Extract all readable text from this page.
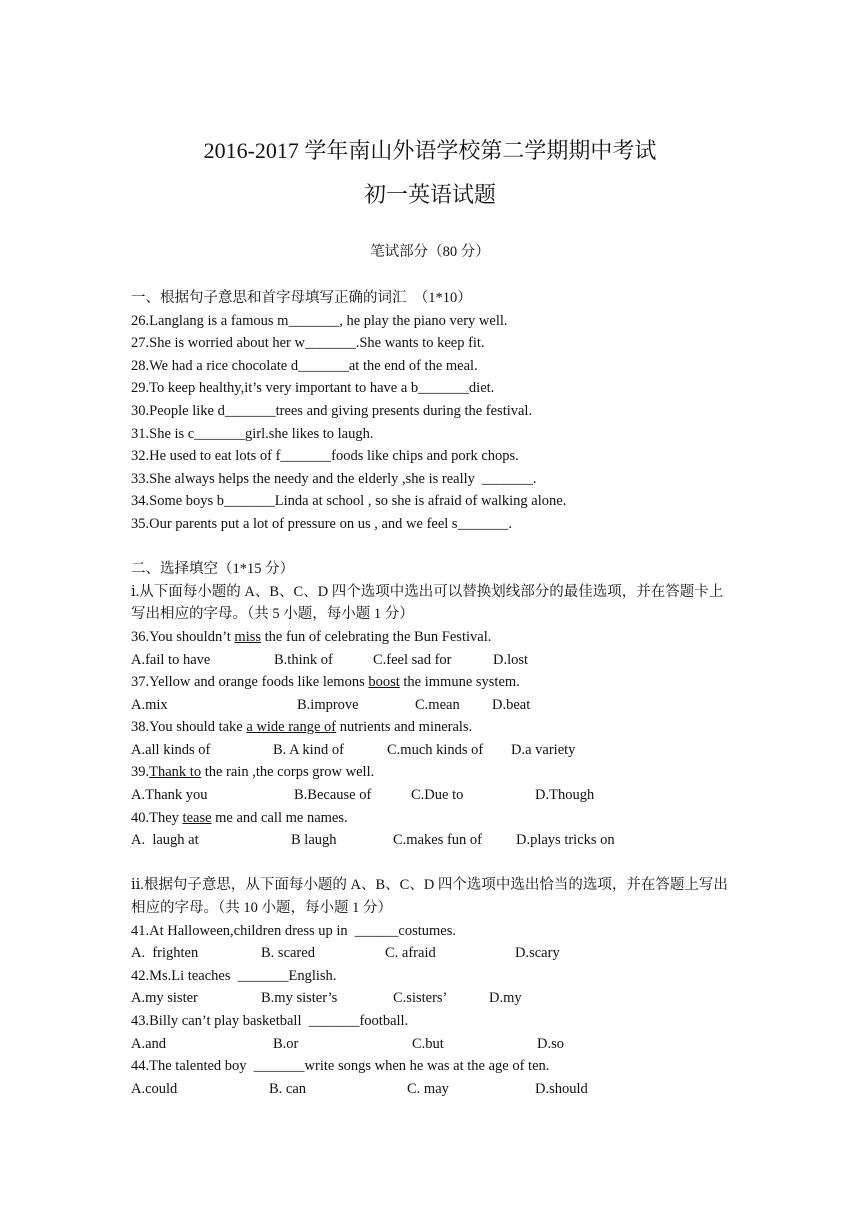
2016-2017 学年南山外语学校第二学期期中考试
初一英语试题
笔试部分（80 分）
一、根据句子意思和首字母填写正确的词汇  （1*10）
26.Langlang is a famous m_______, he play the piano very well.
27.She is worried about her w_______.She wants to keep fit.
28.We had a rice chocolate d_______at the end of the meal.
29.To keep healthy,it’s very important to have a b_______diet.
30.People like d_______trees and giving presents during the festival.
31.She is c_______girl.she likes to laugh.
32.He used to eat lots of f_______foods like chips and pork chops.
33.She always helps the needy and the elderly ,she is really  _______.
34.Some boys b_______Linda at school , so she is afraid of walking alone.
35.Our parents put a lot of pressure on us , and we feel s_______.
二、选择填空（1*15 分）
ⅰ.从下面每小题的 A、B、C、D 四个选项中选出可以替换划线部分的最佳选项，并在答题卡上写出相应的字母。（共 5 小题，每小题 1 分）
36.You shouldn’t miss the fun of celebrating the Bun Festival.
A.fail to have	B.think of	C.feel sad for	D.lost
37.Yellow and orange foods like lemons boost the immune system.
A.mix	B.improve	C.mean D.beat
38.You should take a wide range of nutrients and minerals.
A.all kinds of	B. A kind of	C.much kinds of D.a variety
39.Thank to the rain ,the corps grow well.
A.Thank you	B.Because of	C.Due to	D.Though
40.They tease me and call me names.
A.  laugh at	B laugh	C.makes fun of D.plays tricks on
ⅱ.根据句子意思，从下面每小题的 A、B、C、D 四个选项中选出恰当的选项，并在答题上写出相应的字母。（共 10 小题，每小题 1 分）
41.At Halloween,children dress up in  ______costumes.
A.  frighten	B. scared	C. afraid	D.scary
42.Ms.Li teaches  _______English.
A.my sister	B.my sister’s	C.sisters’	D.my
43.Billy can’t play basketball  _______football.
A.and	B.or	C.but	D.so
44.The talented boy  _______write songs when he was at the age of ten.
A.could	B. can	C. may	D.should
